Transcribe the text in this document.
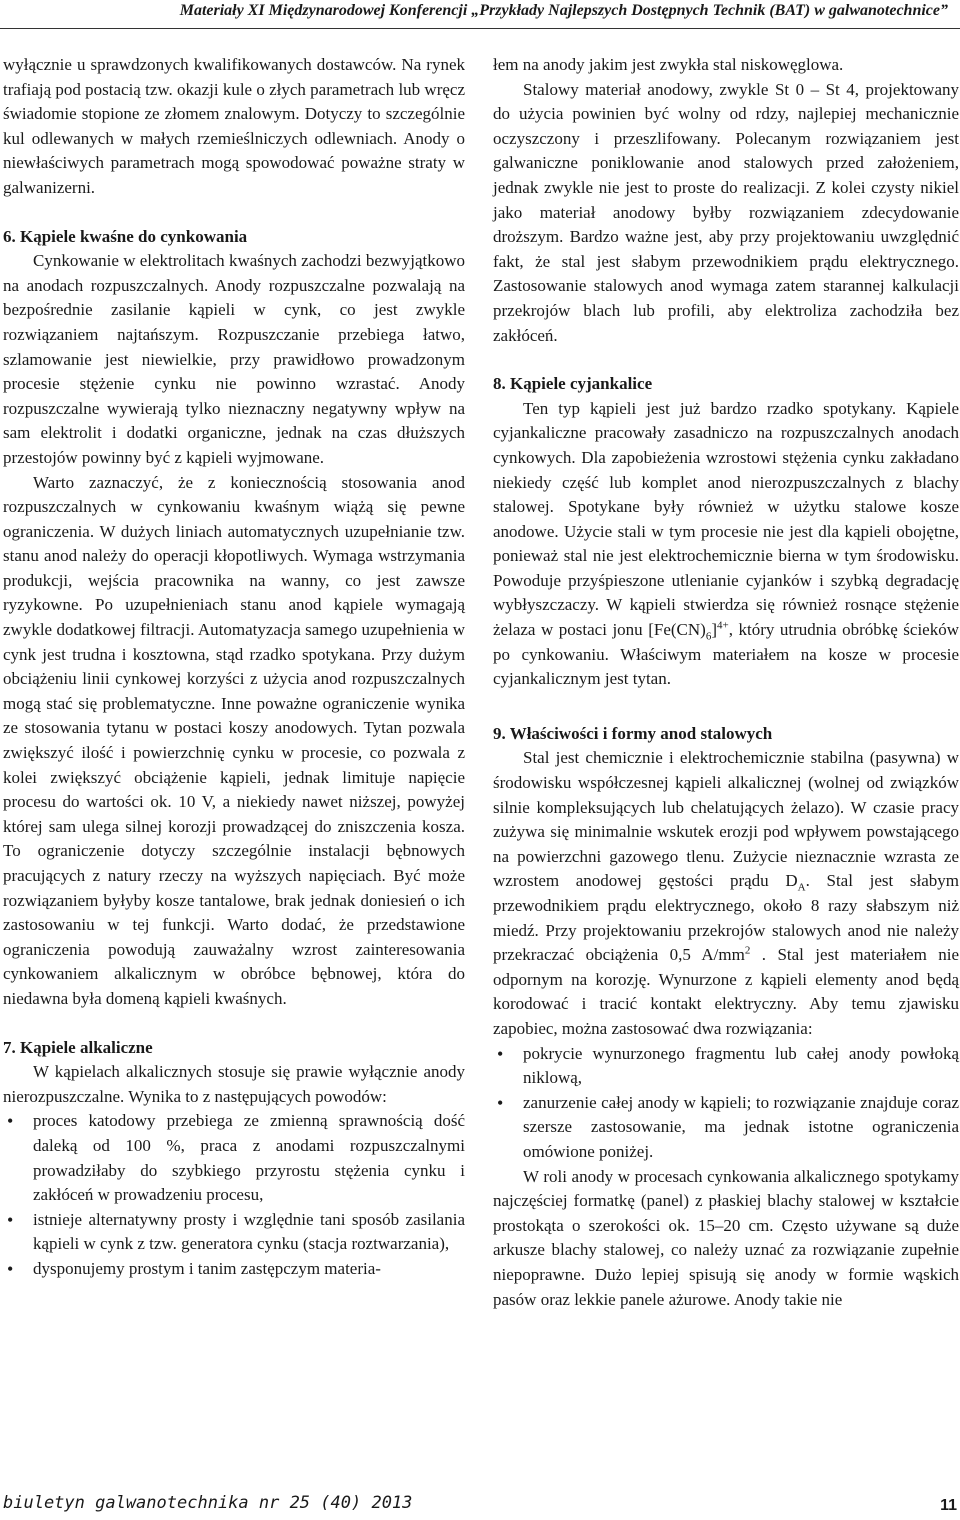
Materiały XI Międzynarodowej Konferencji „Przykłady Najlepszych Dostępnych Technik (BAT) w galwanotechnice”

wyłącznie u sprawdzonych kwalifikowanych dostawców. Na rynek trafiają pod postacią tzw. okazji kule o złych parametrach lub wręcz świadomie stopione ze złomem znalowym. Dotyczy to szczególnie kul odlewanych w małych rzemieślniczych odlewniach. Anody o niewłaściwych parametrach mogą spowodować poważne straty w galwanizerni.

6. Kąpiele kwaśne do cynkowania

Cynkowanie w elektrolitach kwaśnych zachodzi bezwyjątkowo na anodach rozpuszczalnych. Anody rozpuszczalne pozwalają na bezpośrednie zasilanie kąpieli w cynk, co jest zwykle rozwiązaniem najtańszym. Rozpuszczanie przebiega łatwo, szlamowanie jest niewielkie, przy prawidłowo prowadzonym procesie stężenie cynku nie powinno wzrastać. Anody rozpuszczalne wywierają tylko nieznaczny negatywny wpływ na sam elektrolit i dodatki organiczne, jednak na czas dłuższych przestojów powinny być z kąpieli wyjmowane.

Warto zaznaczyć, że z koniecznością stosowania anod rozpuszczalnych w cynkowaniu kwaśnym wiążą się pewne ograniczenia. W dużych liniach automatycznych uzupełnianie tzw. stanu anod należy do operacji kłopotliwych. Wymaga wstrzymania produkcji, wejścia pracownika na wanny, co jest zawsze ryzykowne. Po uzupełnieniach stanu anod kąpiele wymagają zwykle dodatkowej filtracji. Automatyzacja samego uzupełnienia w cynk jest trudna i kosztowna, stąd rzadko spotykana. Przy dużym obciążeniu linii cynkowej korzyści z użycia anod rozpuszczalnych mogą stać się problematyczne. Inne poważne ograniczenie wynika ze stosowania tytanu w postaci koszy anodowych. Tytan pozwala zwiększyć ilość i powierzchnię cynku w procesie, co pozwala z kolei zwiększyć obciążenie kąpieli, jednak limituje napięcie procesu do wartości ok. 10 V, a niekiedy nawet niższej, powyżej której sam ulega silnej korozji prowadzącej do zniszczenia kosza. To ograniczenie dotyczy szczególnie instalacji bębnowych pracujących z natury rzeczy na wyższych napięciach. Być może rozwiązaniem byłyby kosze tantalowe, brak jednak doniesień o ich zastosowaniu w tej funkcji. Warto dodać, że przedstawione ograniczenia powodują zauważalny wzrost zainteresowania cynkowaniem alkalicznym w obróbce bębnowej, która do niedawna była domeną kąpieli kwaśnych.

7. Kąpiele alkaliczne

W kąpielach alkalicznych stosuje się prawie wyłącznie anody nierozpuszczalne. Wynika to z następujących powodów:

• proces katodowy przebiega ze zmienną sprawnością dość daleką od 100 %, praca z anodami rozpuszczalnymi prowadziłaby do szybkiego przyrostu stężenia cynku i zakłóceń w prowadzeniu procesu,
• istnieje alternatywny prosty i względnie tani sposób zasilania kąpieli w cynk z tzw. generatora cynku (stacja roztwarzania),
• dysponujemy prostym i tanim zastępczym materia-

łem na anody jakim jest zwykła stal niskowęglowa.

Stalowy materiał anodowy, zwykle St 0 – St 4, projektowany do użycia powinien być wolny od rdzy, najlepiej mechanicznie oczyszczony i przeszlifowany. Polecanym rozwiązaniem jest galwaniczne poniklowanie anod stalowych przed założeniem, jednak zwykle nie jest to proste do realizacji. Z kolei czysty nikiel jako materiał anodowy byłby rozwiązaniem zdecydowanie droższym. Bardzo ważne jest, aby przy projektowaniu uwzględnić fakt, że stal jest słabym przewodnikiem prądu elektrycznego. Zastosowanie stalowych anod wymaga zatem starannej kalkulacji przekrojów blach lub profili, aby elektroliza zachodziła bez zakłóceń.

8. Kąpiele cyjankalice

Ten typ kąpieli jest już bardzo rzadko spotykany. Kąpiele cyjankaliczne pracowały zasadniczo na rozpuszczalnych anodach cynkowych. Dla zapobieżenia wzrostowi stężenia cynku zakładano niekiedy część lub komplet anod nierozpuszczalnych z blachy stalowej. Spotykane były również w użytku stalowe kosze anodowe. Użycie stali w tym procesie nie jest dla kąpieli obojętne, ponieważ stal nie jest elektrochemicznie bierna w tym środowisku. Powoduje przyśpieszone utlenianie cyjanków i szybką degradację wybłyszczaczy. W kąpieli stwierdza się również rosnące stężenie żelaza w postaci jonu $[Fe(CN)_6]^{4+}$, który utrudnia obróbkę ścieków po cynkowaniu. Właściwym materiałem na kosze w procesie cyjankalicznym jest tytan.

9. Właściwości i formy anod stalowych

Stal jest chemicznie i elektrochemicznie stabilna (pasywna) w środowisku współczesnej kąpieli alkalicznej (wolnej od związków silnie kompleksujących lub chelatujących żelazo). W czasie pracy zużywa się minimalnie wskutek erozji pod wpływem powstającego na powierzchni gazowego tlenu. Zużycie nieznacznie wzrasta ze wzrostem anodowej gęstości prądu $D_A$. Stal jest słabym przewodnikiem prądu elektrycznego, około 8 razy słabszym niż miedź. Przy projektowaniu przekrojów stalowych anod nie należy przekraczać obciążenia 0,5 $A/mm^2$ . Stal jest materiałem nie odpornym na korozję. Wynurzone z kąpieli elementy anod będą korodować i tracić kontakt elektryczny. Aby temu zjawisku zapobiec, można zastosować dwa rozwiązania:

• pokrycie wynurzonego fragmentu lub całej anody powłoką niklową,
• zanurzenie całej anody w kąpieli; to rozwiązanie znajduje coraz szersze zastosowanie, ma jednak istotne ograniczenia omówione poniżej.

W roli anody w procesach cynkowania alkalicznego spotykamy najczęściej formatkę (panel) z płaskiej blachy stalowej w kształcie prostokąta o szerokości ok. 15–20 cm. Często używane są duże arkusze blachy stalowej, co należy uznać za rozwiązanie zupełnie niepoprawne. Dużo lepiej spisują się anody w formie wąskich pasów oraz lekkie panele ażurowe. Anody takie nie

biuletyn galwanotechnika nr 25 (40) 2013	11
